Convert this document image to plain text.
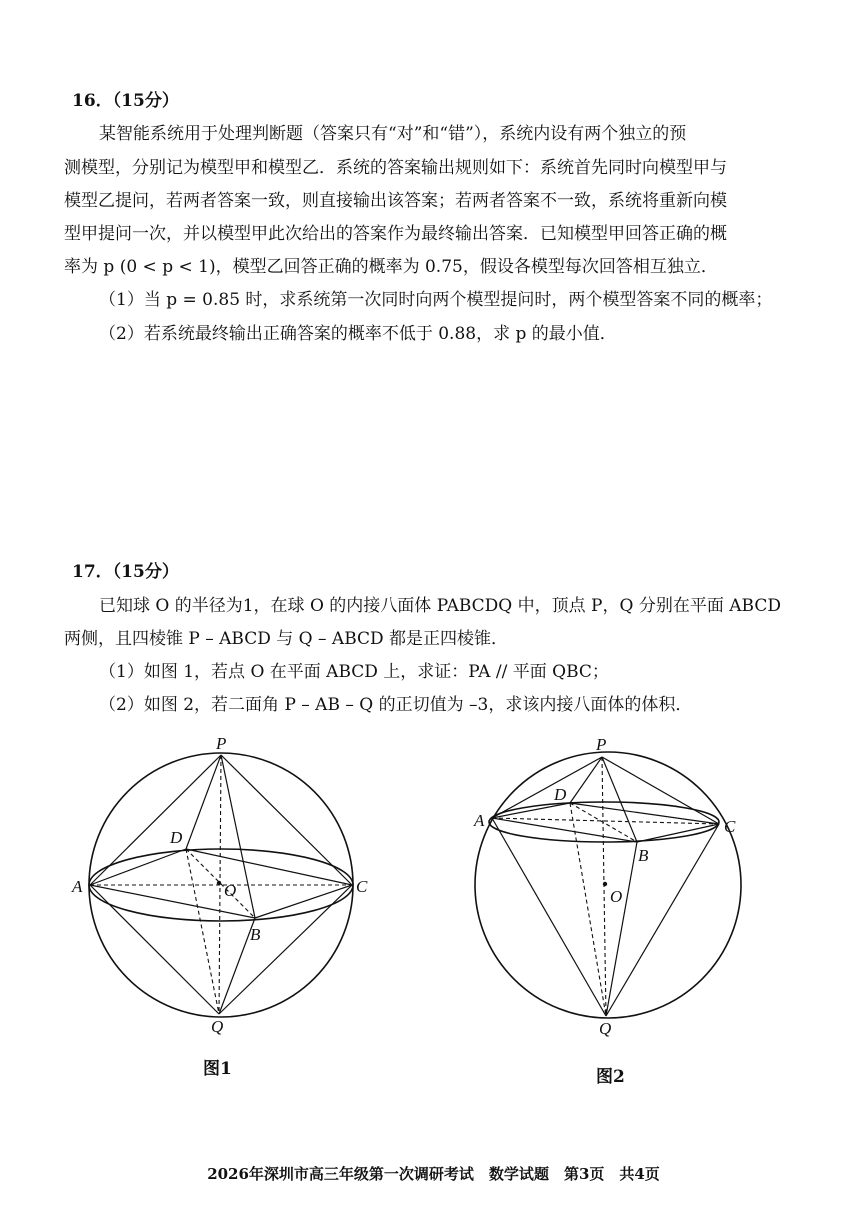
16．（15分）
某智能系统用于处理判断题（答案只有“对”和“错”），系统内设有两个独立的预
测模型，分别记为模型甲和模型乙．系统的答案输出规则如下：系统首先同时向模型甲与
模型乙提问，若两者答案一致，则直接输出该答案；若两者答案不一致，系统将重新向模
型甲提问一次，并以模型甲此次给出的答案作为最终输出答案．已知模型甲回答正确的概
率为 p (0 < p < 1)，模型乙回答正确的概率为 0.75，假设各模型每次回答相互独立．
（1）当 p = 0.85 时，求系统第一次同时向两个模型提问时，两个模型答案不同的概率；
（2）若系统最终输出正确答案的概率不低于 0.88，求 p 的最小值．
17．（15分）
已知球 O 的半径为1，在球 O 的内接八面体 PABCDQ 中，顶点 P，Q 分别在平面 ABCD
两侧，且四棱锥 P – ABCD 与 Q – ABCD 都是正四棱锥．
（1）如图 1，若点 O 在平面 ABCD 上，求证：PA // 平面 QBC；
（2）如图 2，若二面角 P – AB – Q 的正切值为 –3，求该内接八面体的体积．
P
D
A	O	C
B
Q
P
D
A	C
B
O
Q
图1	图2
2026年深圳市高三年级第一次调研考试　数学试题　第3页　共4页
